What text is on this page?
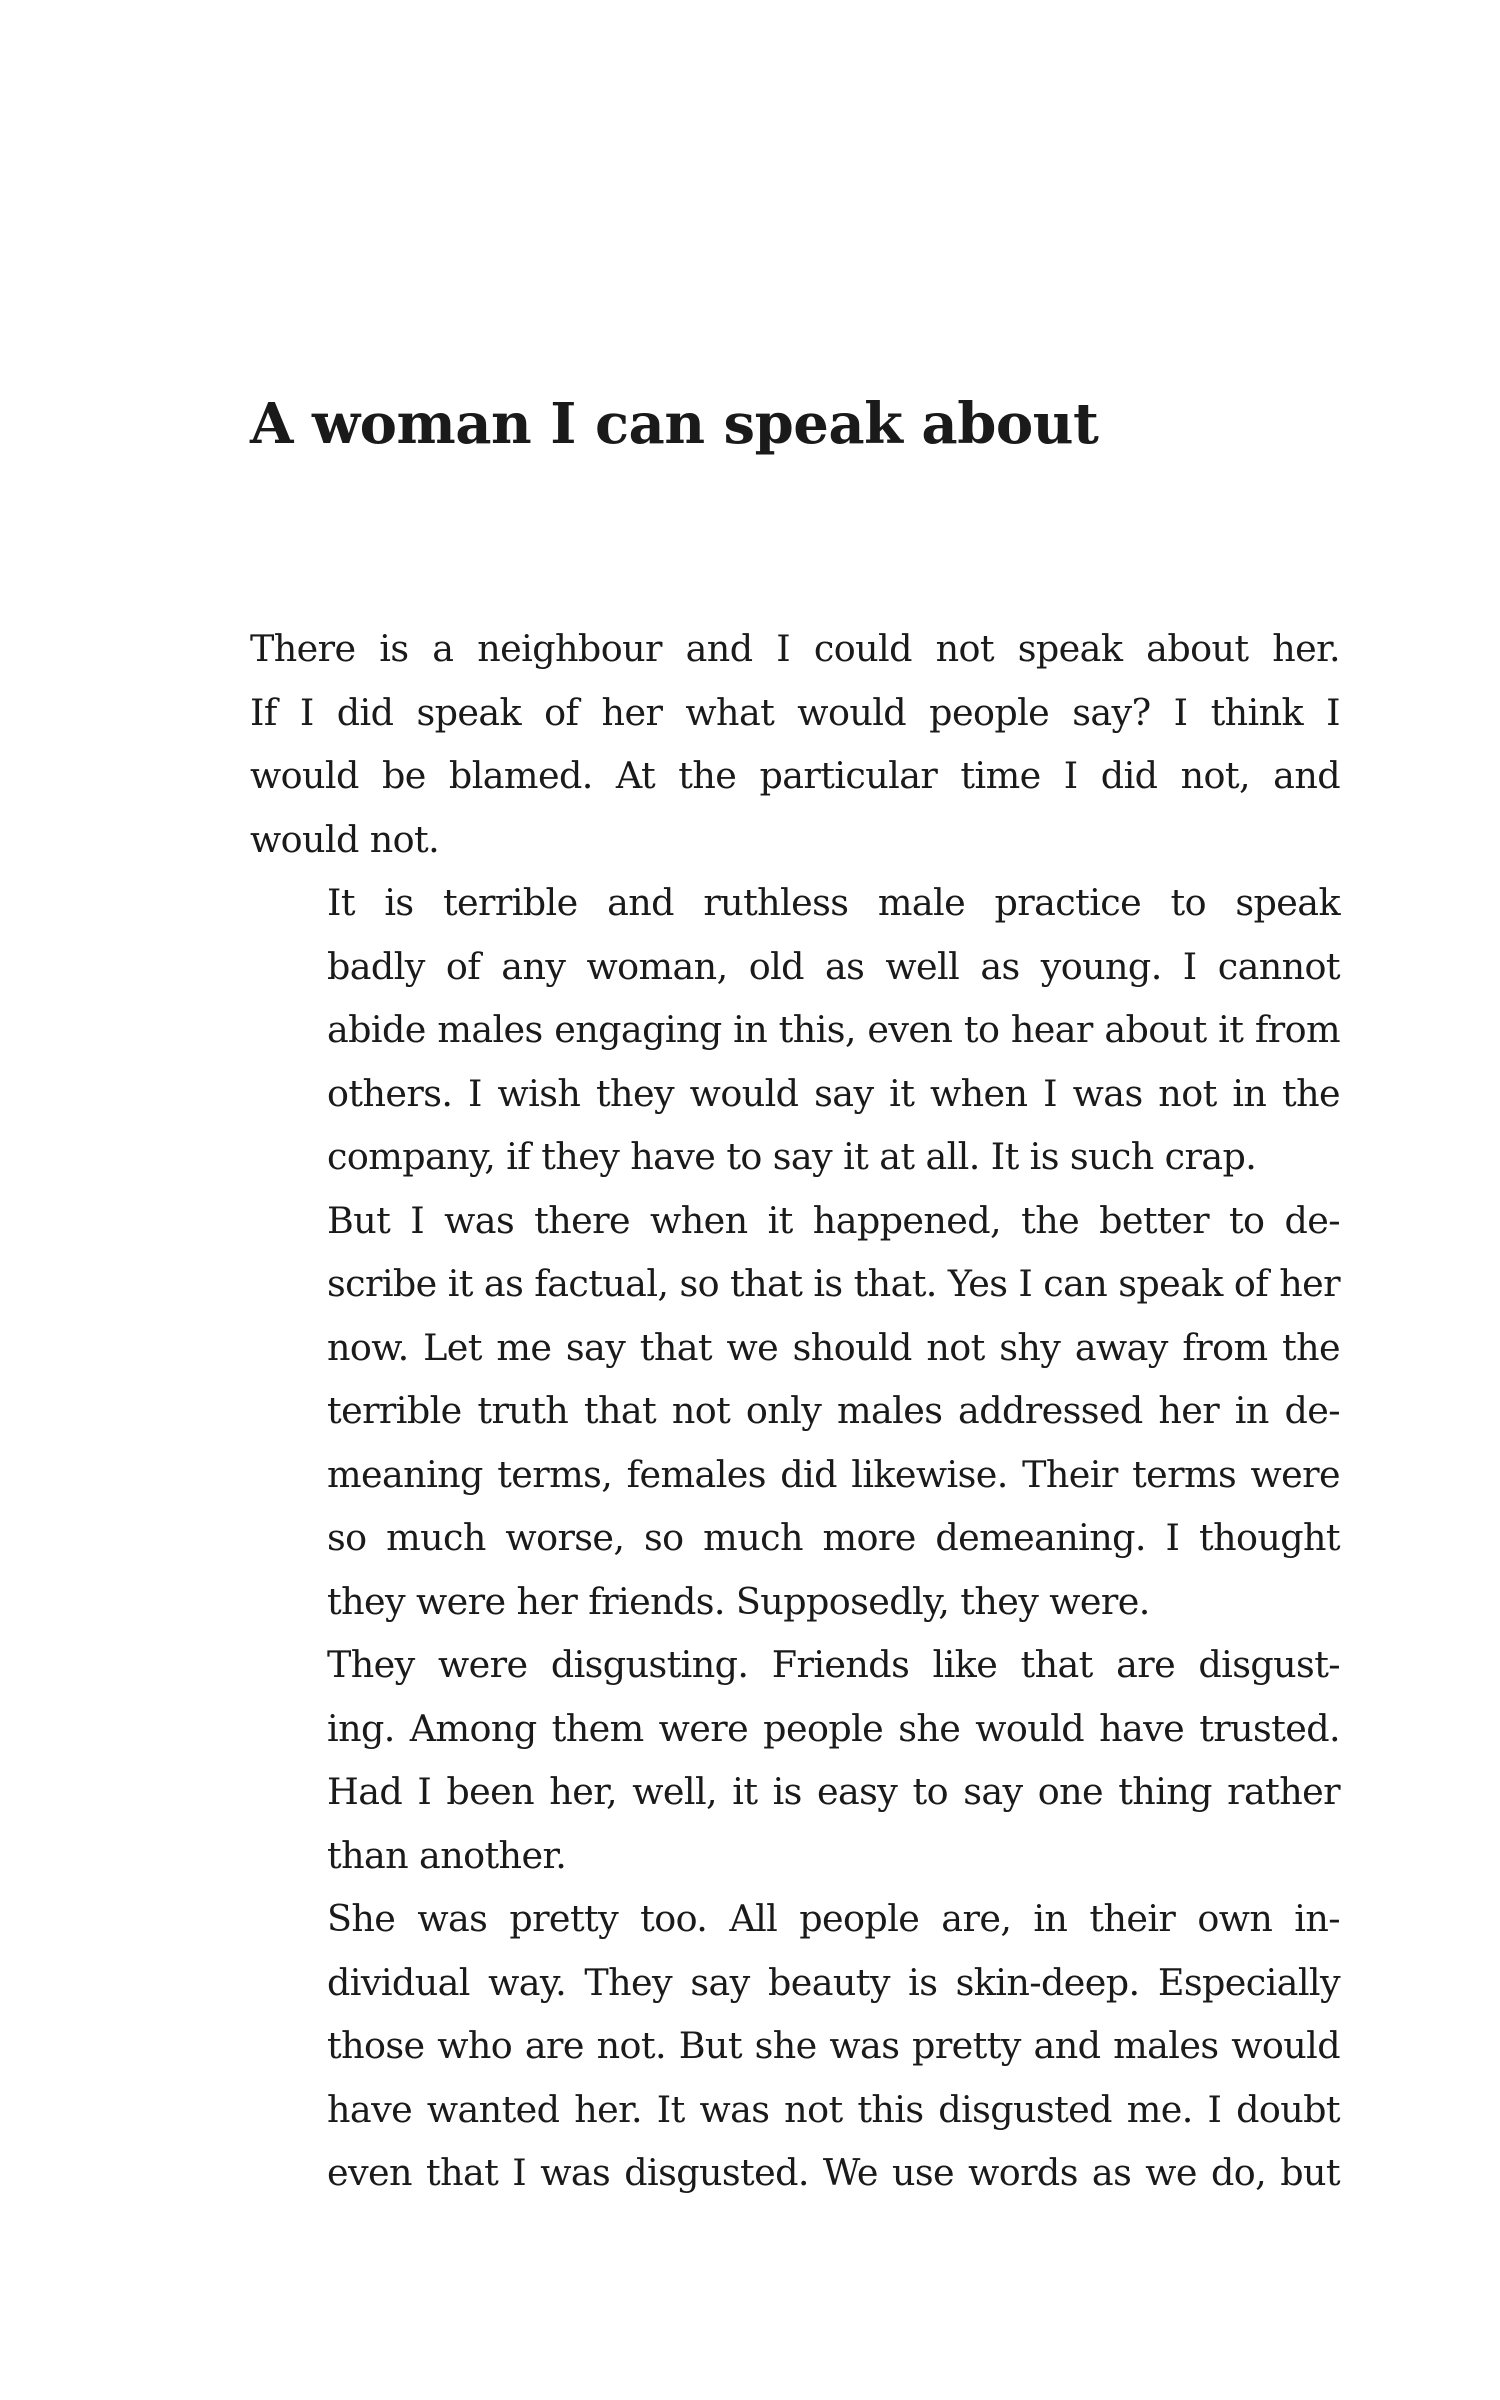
A woman I can speak about

There is a neighbour and I could not speak about her.
If I did speak of her what would people say? I think I
would be blamed. At the particular time I did not, and
would not.

It is terrible and ruthless male practice to speak
badly of any woman, old as well as young. I cannot
abide males engaging in this, even to hear about it from
others. I wish they would say it when I was not in the
company, if they have to say it at all. It is such crap.

But I was there when it happened, the better to de-
scribe it as factual, so that is that. Yes I can speak of her
now. Let me say that we should not shy away from the
terrible truth that not only males addressed her in de-
meaning terms, females did likewise. Their terms were
so much worse, so much more demeaning. I thought
they were her friends. Supposedly, they were.

They were disgusting. Friends like that are disgust-
ing. Among them were people she would have trusted.
Had I been her, well, it is easy to say one thing rather
than another.

She was pretty too. All people are, in their own in-
dividual way. They say beauty is skin-deep. Especially
those who are not. But she was pretty and males would
have wanted her. It was not this disgusted me. I doubt
even that I was disgusted. We use words as we do, but
